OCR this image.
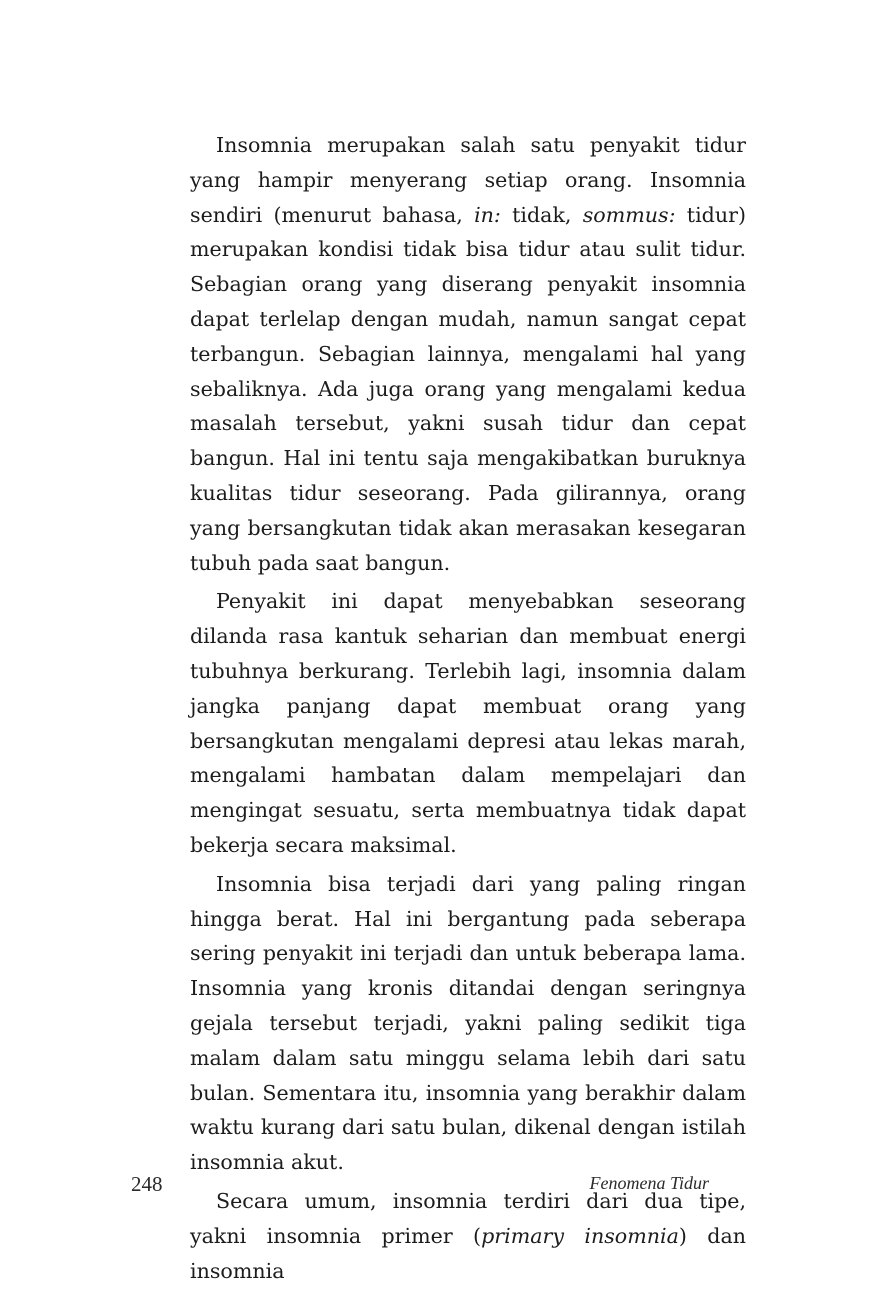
Insomnia merupakan salah satu penyakit tidur yang hampir menyerang setiap orang. Insomnia sendiri (menurut bahasa, in: tidak, sommus: tidur) merupakan kondisi tidak bisa tidur atau sulit tidur. Sebagian orang yang diserang penyakit insomnia dapat terlelap dengan mudah, namun sangat cepat terbangun. Sebagian lainnya, mengalami hal yang sebaliknya. Ada juga orang yang mengalami kedua masalah tersebut, yakni susah tidur dan cepat bangun. Hal ini tentu saja mengakibatkan buruknya kualitas tidur seseorang. Pada gilirannya, orang yang bersangkutan tidak akan merasakan kesegaran tubuh pada saat bangun.

Penyakit ini dapat menyebabkan seseorang dilanda rasa kantuk seharian dan membuat energi tubuhnya berkurang. Terlebih lagi, insomnia dalam jangka panjang dapat membuat orang yang bersangkutan mengalami depresi atau lekas marah, mengalami hambatan dalam mempelajari dan mengingat sesuatu, serta membuatnya tidak dapat bekerja secara maksimal.

Insomnia bisa terjadi dari yang paling ringan hingga berat. Hal ini bergantung pada seberapa sering penyakit ini terjadi dan untuk beberapa lama. Insomnia yang kronis ditandai dengan seringnya gejala tersebut terjadi, yakni paling sedikit tiga malam dalam satu minggu selama lebih dari satu bulan. Sementara itu, insomnia yang berakhir dalam waktu kurang dari satu bulan, dikenal dengan istilah insomnia akut.

Secara umum, insomnia terdiri dari dua tipe, yakni insomnia primer (primary insomnia) dan insomnia

248	Fenomena Tidur
